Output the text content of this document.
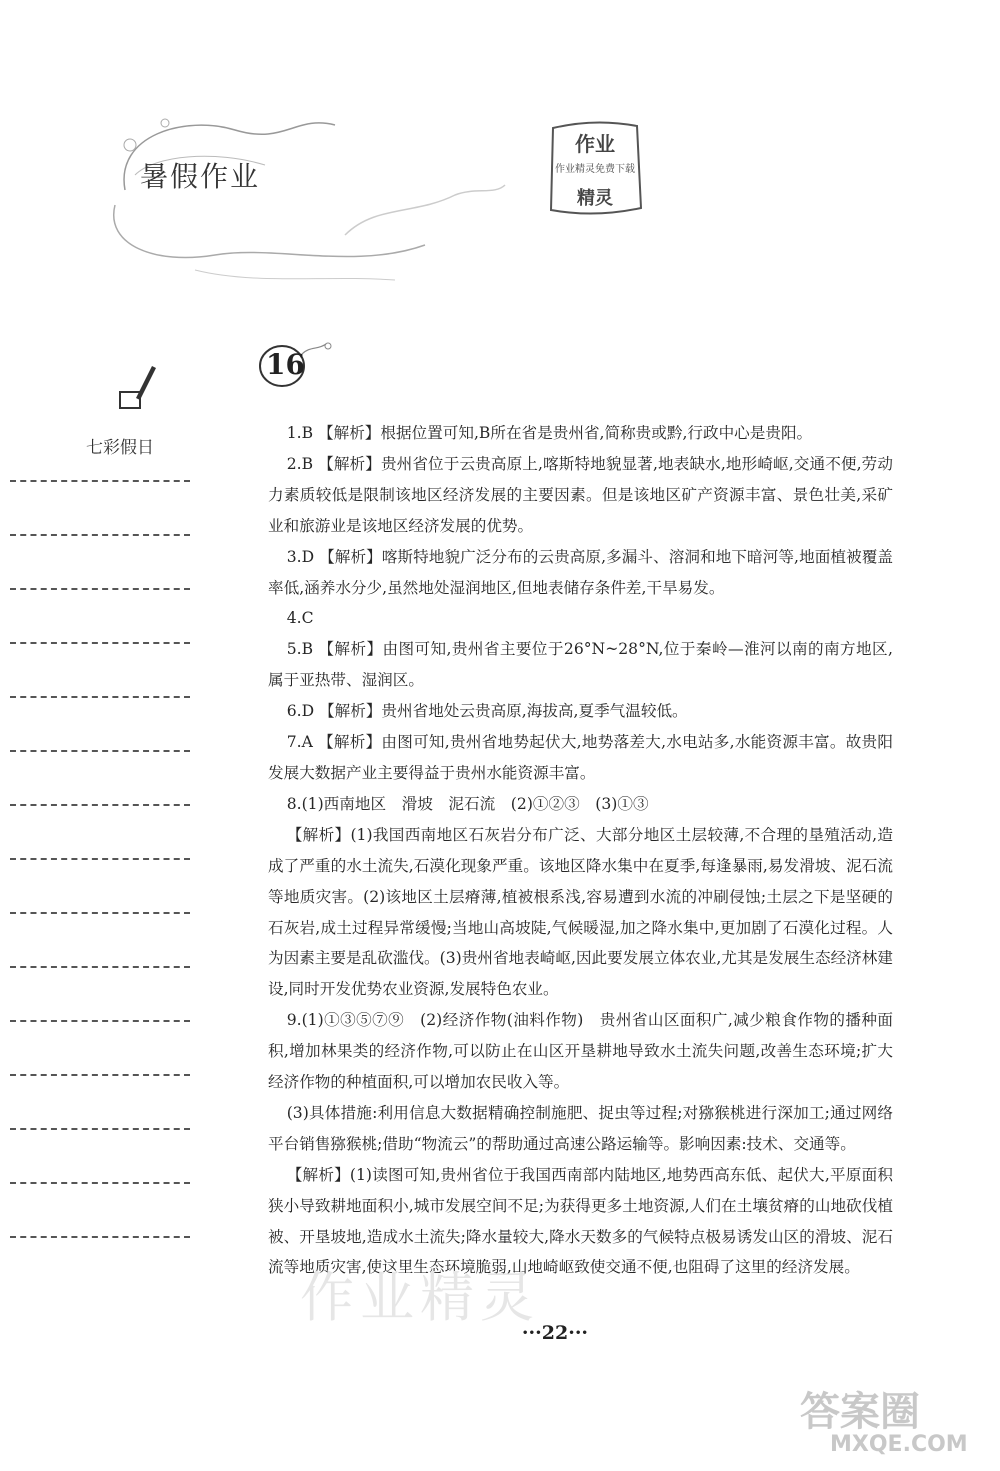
暑假作业
作业
作业精灵免费下载
精灵
七彩假日
16

1.B 【解析】根据位置可知,B所在省是贵州省,简称贵或黔,行政中心是贵阳。

2.B 【解析】贵州省位于云贵高原上,喀斯特地貌显著,地表缺水,地形崎岖,交通不便,劳动力素质较低是限制该地区经济发展的主要因素。但是该地区矿产资源丰富、景色壮美,采矿业和旅游业是该地区经济发展的优势。

3.D 【解析】喀斯特地貌广泛分布的云贵高原,多漏斗、溶洞和地下暗河等,地面植被覆盖率低,涵养水分少,虽然地处湿润地区,但地表储存条件差,干旱易发。

4.C

5.B 【解析】由图可知,贵州省主要位于26°N~28°N,位于秦岭—淮河以南的南方地区,属于亚热带、湿润区。

6.D 【解析】贵州省地处云贵高原,海拔高,夏季气温较低。

7.A 【解析】由图可知,贵州省地势起伏大,地势落差大,水电站多,水能资源丰富。故贵阳发展大数据产业主要得益于贵州水能资源丰富。

8.(1)西南地区　滑坡　泥石流　(2)①②③　(3)①③

【解析】(1)我国西南地区石灰岩分布广泛、大部分地区土层较薄,不合理的垦殖活动,造成了严重的水土流失,石漠化现象严重。该地区降水集中在夏季,每逢暴雨,易发滑坡、泥石流等地质灾害。(2)该地区土层瘠薄,植被根系浅,容易遭到水流的冲刷侵蚀;土层之下是坚硬的石灰岩,成土过程异常缓慢;当地山高坡陡,气候暖湿,加之降水集中,更加剧了石漠化过程。人为因素主要是乱砍滥伐。(3)贵州省地表崎岖,因此要发展立体农业,尤其是发展生态经济林建设,同时开发优势农业资源,发展特色农业。

9.(1)①③⑤⑦⑨　(2)经济作物(油料作物)　贵州省山区面积广,减少粮食作物的播种面积,增加林果类的经济作物,可以防止在山区开垦耕地导致水土流失问题,改善生态环境;扩大经济作物的种植面积,可以增加农民收入等。

(3)具体措施:利用信息大数据精确控制施肥、捉虫等过程;对猕猴桃进行深加工;通过网络平台销售猕猴桃;借助“物流云”的帮助通过高速公路运输等。影响因素:技术、交通等。

【解析】(1)读图可知,贵州省位于我国西南部内陆地区,地势西高东低、起伏大,平原面积狭小导致耕地面积小,城市发展空间不足;为获得更多土地资源,人们在土壤贫瘠的山地砍伐植被、开垦坡地,造成水土流失;降水量较大,降水天数多的气候特点极易诱发山区的滑坡、泥石流等地质灾害,使这里生态环境脆弱,山地崎岖致使交通不便,也阻碍了这里的经济发展。

作业精灵
···22···
答案圈
MXQE.COM
